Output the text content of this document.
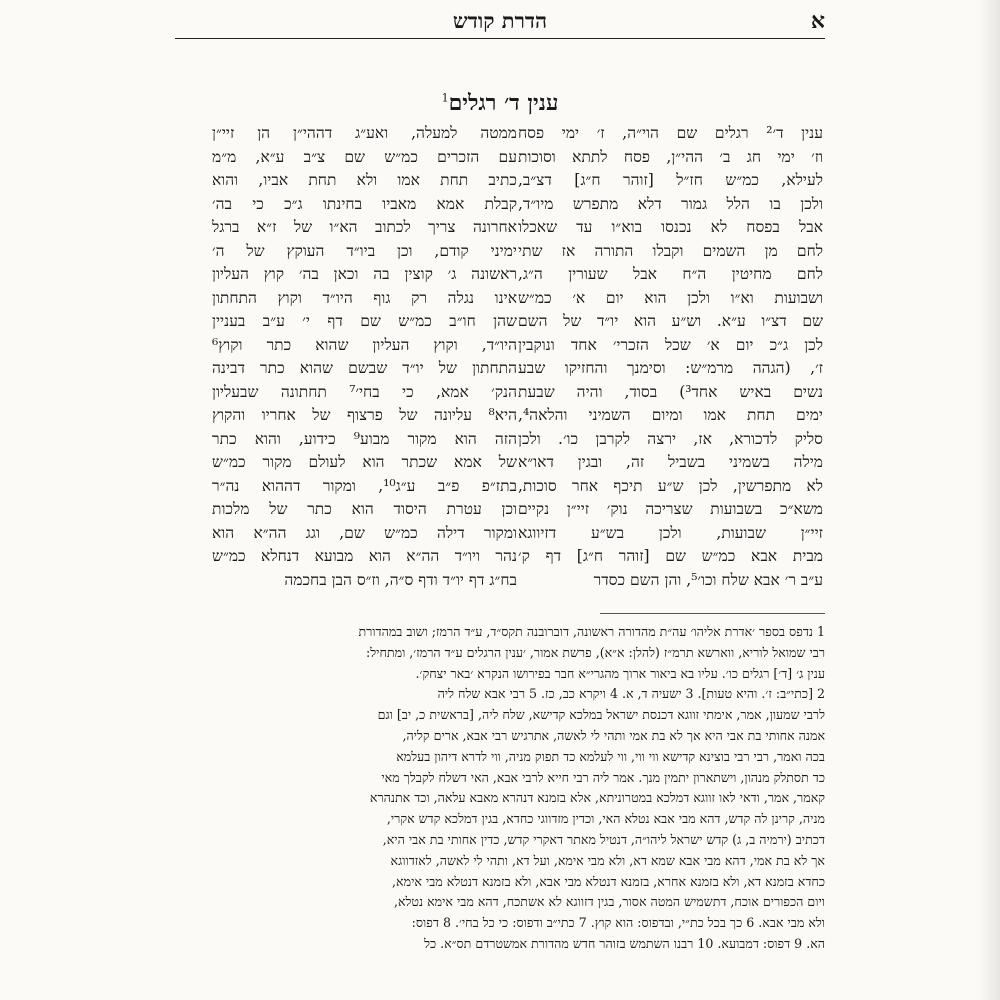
א
הדרת קודש
ענין ד׳ רגלים$^1$
ענין ד׳² רגלים שם הוי״ה, ז׳ ימי פסח
וז׳ ימי חג ב׳ ההי״ן, פסח לתתא וסוכות
לעילא, כמ״ש חז״ל [זוהר ח״ג] דצ״ב,
ולכן בו הלל גמור דלא מתפרש מיו״ד,
אבל בפסח לא נכנסו בוא״ו עד שאכלו
לחם מן השמים וקבלו התורה אז שתי
לחם מחיטין ה״ח אבל שעורין ה״ג,
ושבועות וא״ו ולכן הוא יום א׳ כמ״ש
שם דצ״ו ע״א. וש״ע הוא יו״ד של השם
לכן ג״כ יום א׳ שכל הזכרי׳ אחד ונוקבין
ז׳, (הגהה מרמ״ש: וסימנך והחזיקו שבע
נשים באיש אחד³) בסוד, והיה שבעת
ימים תחת אמו ומיום השמיני והלאה⁴,
סליק לדכורא, אז, ירצה לקרבן כו׳. ולכן
מילה בשמיני בשביל זה, ובגין דאו״א
לא מתפרשין, לכן ש״ע תיכף אחר סוכות,
משא״כ בשבועות שצריכה נוק׳ זיי״ן נקיים
זיי״ן שבועות, ולכן בש״ע דזיווגא
מבית אבא כמ״ש שם [זוהר ח״ג] דף ק׳
ע״ב ר׳ אבא שלח וכו׳⁵, והן השם כסדר
ממטה למעלה, ואע״ג דההי״ן הן זיי״ן
עם הזכרים כמ״ש שם צ״ב ע״א, מ״מ
כתיב תחת אמו ולא תחת אביו, והוא
קבלת אמא מאביו בחינתו ג״כ כי בה׳
אחרונה צריך לכתוב הא״ו של ז״א ברגל
ימיני קודם, וכן ביו״ד העוקץ של ה׳
ראשונה ג׳ קוצין בה וכאן בה׳ קוץ העליון
אינו נגלה רק גוף היו״ד וקוץ התחתון
שהן חו״ב כמ״ש שם דף י׳ ע״ב בעניין
היו״ד, וקוץ העליון שהוא כתר וקוץ⁶
התחתון של יו״ד שבשם שהוא כתר דבינה
הנק׳ אמא, כי בחי׳⁷ תחתונה שבעליון
היא⁸ עליונה של פרצוף של אחריו והקוץ
הזה הוא מקור מבוע⁹ כידוע, והוא כתר
של אמא שכתר הוא לעולם מקור כמ״ש
בתז״פ פ״ב ע״ג¹⁰, ומקור דההוא נה״ר
וכן עטרת היסוד הוא כתר של מלכות
ומקור דילה כמ״ש שם, וגג הה״א הוא
נהר ויו״ד הה״א הוא מבועא דנחלא כמ״ש
בח״ג דף יו״ד ודף ס״ה, וז״ס הבן בחכמה
1 נדפס בספר ׳אדרת אליהו׳ עה״ת מהדורה ראשונה, דוברובנה תקס״ד, ע״ד הרמז; ושוב במהדורת
רבי שמואל לוריא, ווארשא תרמ״ז (להלן: א״א), פרשת אמור, ׳ענין הרגלים ע״ד הרמז׳, ומתחיל:
ענין ג׳ [ד׳] רגלים כו׳. עליו בא ביאור ארוך מהגרי״א חבר בפירושו הנקרא ׳באר יצחק׳.
2 [כתי״ב: ז׳. והיא טעות]. 3 ישעיה ד, א. 4 ויקרא כב, כז. 5 רבי אבא שלח ליה
לרבי שמעון, אמר, אימתי זווגא דכנסת ישראל במלכא קדישא, שלח ליה, [בראשית כ, יב] וגם
אמנה אחותי בת אבי היא אך לא בת אמי ותהי לי לאשה, אתרגיש רבי אבא, ארים קליה,
בכה ואמר, רבי רבי בוצינא קדישא ווי ווי, ווי לעלמא כד תפוק מניה, ווי לדרא דיהון בעלמא
כד תסתלק מנהון, וישתארון יתמין מנך. אמר ליה רבי חייא לרבי אבא, האי דשלח לקבלך מאי
קאמר, אמר, ודאי לאו זווגא דמלכא במטרוניתא, אלא בזמנא דנהרא מאבא עלאה, וכד אתנהרא
מניה, קרינן לה קדש, דהא מבי אבא נטלא האי, וכדין מזדווגי כחדא, בגין דמלכא קדש אקרי,
דכתיב (ירמיה ב, ג) קדש ישראל ליהו״ה, דנטיל מאתר דאקרי קדש, כדין אחותי בת אבי היא,
אך לא בת אמי, דהא מבי אבא שמא דא, ולא מבי אימא, ועל דא, ותהי לי לאשה, לאזדווגא
כחדא בזמנא דא, ולא בזמנא אחרא, בזמנא דנטלא מבי אבא, ולא בזמנא דנטלא מבי אימא,
ויום הכפורים אוכח, דתשמיש המטה אסור, בגין דזווגא לא אשתכח, דהא מבי אימא נטלא,
ולא מבי אבא. 6 כך בכל כת״י, ובדפוס: הוא קוץ. 7 כתי״ב ודפוס: כי כל בחי׳. 8 דפוס:
הא. 9 דפוס: דמבועא. 10 רבנו השתמש בזוהר חדש מהדורת אמשטרדם תס״א. כל
